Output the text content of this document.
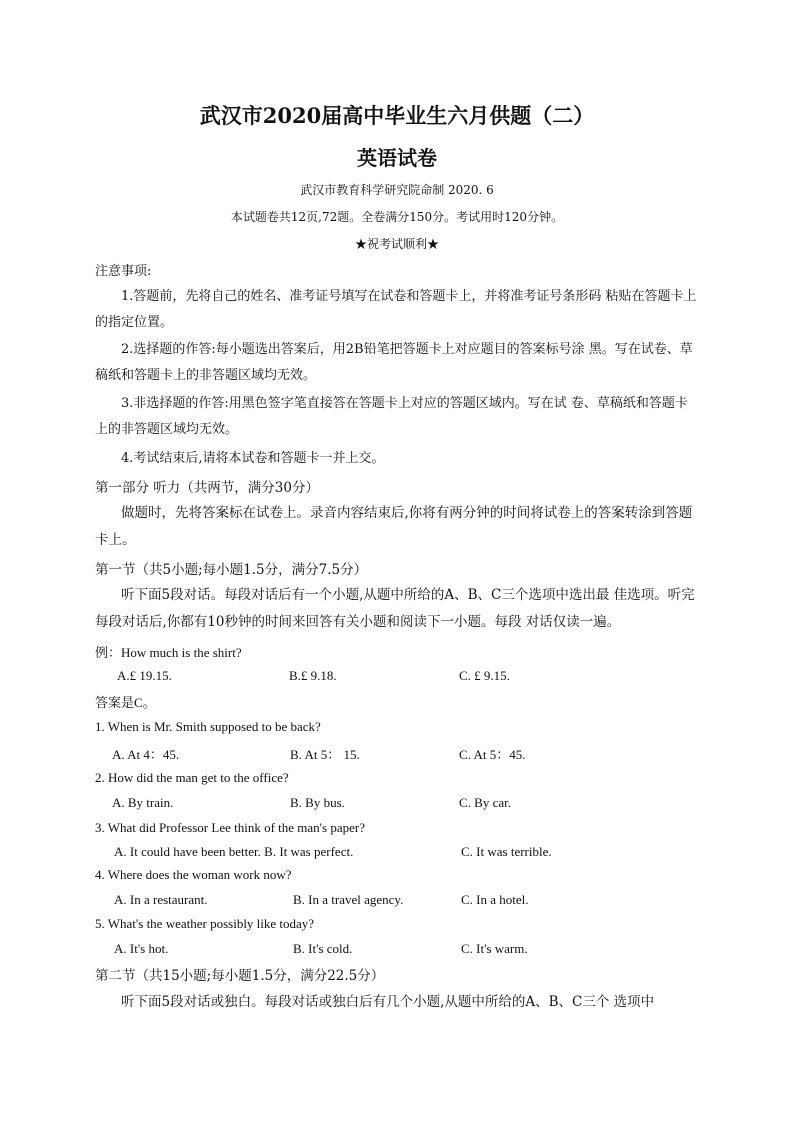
武汉市2020届高中毕业生六月供题（二）
英语试卷
武汉市教育科学研究院命制 2020. 6
本试题卷共12页,72题。全卷满分150分。考试用时120分钟。
★祝考试顺利★
注意事项:
1.答题前，先将自己的姓名、准考证号填写在试卷和答题卡上，并将准考证号条形码 粘贴在答题卡上的指定位置。
2.选择题的作答:每小题选出答案后，用2B铅笔把答题卡上对应题目的答案标号涂 黑。写在试卷、草稿纸和答题卡上的非答题区域均无效。
3.非选择题的作答:用黑色签字笔直接答在答题卡上对应的答题区域内。写在试 卷、草稿纸和答题卡上的非答题区域均无效。
4.考试结束后,请将本试卷和答题卡一并上交。
第一部分 听力（共两节，满分30分）
做题时，先将答案标在试卷上。录音内容结束后,你将有两分钟的时间将试卷上的答案转涂到答题卡上。
第一节（共5小题;每小题1.5分，满分7.5分）
听下面5段对话。每段对话后有一个小题,从题中所给的A、B、C三个选项中选出最 佳选项。听完每段对话后,你都有10秒钟的时间来回答有关小题和阅读下一小题。每段 对话仅读一遍。
例：How much is the shirt?
A.£ 19.15.	B.£ 9.18.	C. £ 9.15.
答案是C。
1. When is Mr. Smith supposed to be back?
A. At 4：45.	B. At 5： 15.	C. At 5：45.
2. How did the man get to the office?
A. By train.	B. By bus.	C. By car.
3. What did Professor Lee think of the man's paper?
A. It could have been better. B. It was perfect.	C. It was terrible.
4. Where does the woman work now?
A. In a restaurant.	B. In a travel agency.	C. In a hotel.
5. What's the weather possibly like today?
A. It's hot.	B. It's cold.	C. It's warm.
第二节（共15小题;每小题1.5分，满分22.5分）
听下面5段对话或独白。每段对话或独白后有几个小题,从题中所给的A、B、C三个 选项中
